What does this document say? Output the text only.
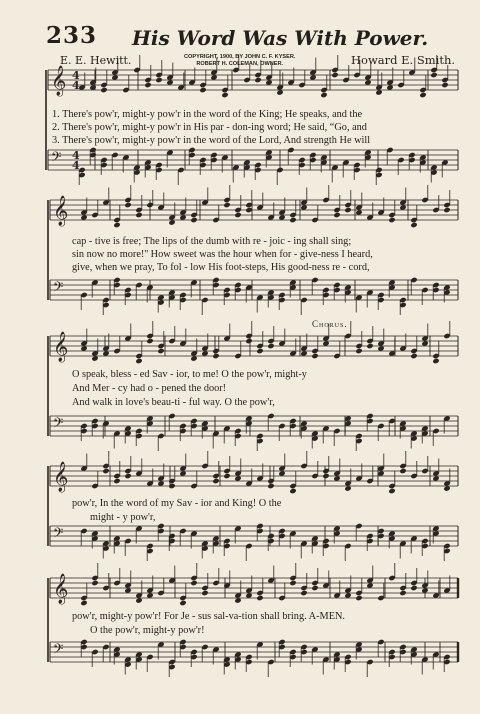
233 His Word Was With Power.
E. E. Hewitt.	COPYRIGHT, 1900, BY JOHN C. F. KYSER.
ROBERT H. COLEMAN, OWNER.	Howard E. Smith.
𝄞
𝄢
𝄞
𝄢
𝄞
𝄢
𝄞
𝄢
𝄞
𝄢
4
4
4
4
1. There's pow'r, might-y pow'r in the word of the King; He speaks, and the
2. There's pow'r, might-y pow'r in His par - don-ing word; He said, “Go, and
3. There's pow'r, might-y pow'r in the word of the Lord, And strength He will
cap - tive is free; The lips of the dumb with re - joic - ing shall sing;
sin now no more!'' How sweet was the hour when for - give-ness I heard,
give, when we pray, To fol - low His foot-steps, His good-ness re - cord,
Chorus.
O speak, bless - ed Sav - ior, to me! O the pow'r, might-y
And Mer - cy had o - pened the door!
And walk in love's beau-ti - ful way. O the pow'r,
pow'r, In the word of my Sav - ior and King! O the
might - y pow'r,
pow'r, might-y pow'r! For Je - sus sal-va-tion shall bring. A-MEN.
O the pow'r, might-y pow'r!
